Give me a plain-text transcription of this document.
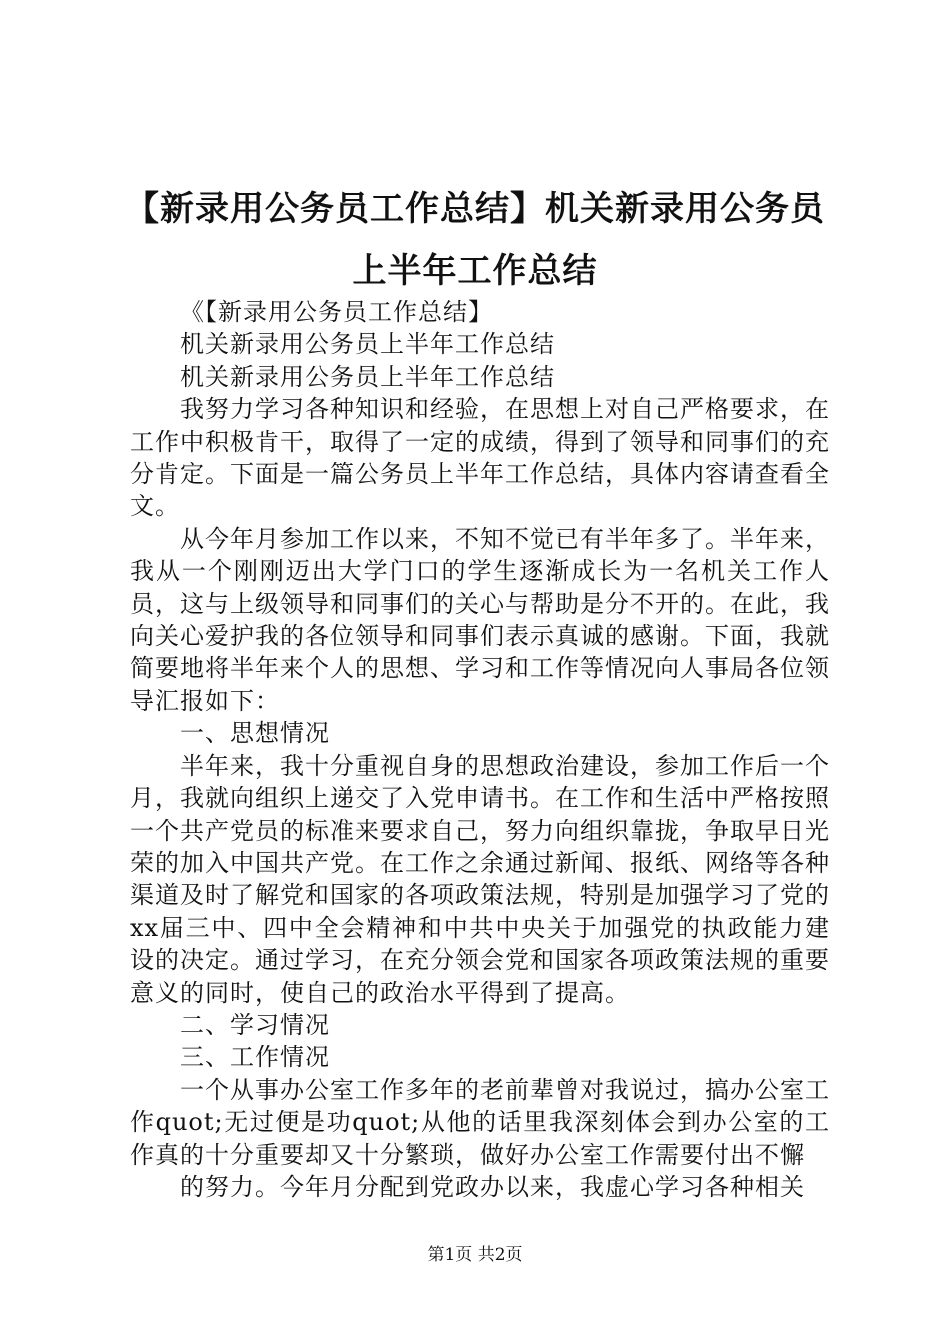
【新录用公务员工作总结】机关新录用公务员
上半年工作总结

《【新录用公务员工作总结】

机关新录用公务员上半年工作总结

机关新录用公务员上半年工作总结

我努力学习各种知识和经验，在思想上对自己严格要求，在工作中积极肯干，取得了一定的成绩，得到了领导和同事们的充分肯定。下面是一篇公务员上半年工作总结，具体内容请查看全文。

从今年月参加工作以来，不知不觉已有半年多了。半年来，我从一个刚刚迈出大学门口的学生逐渐成长为一名机关工作人员，这与上级领导和同事们的关心与帮助是分不开的。在此，我向关心爱护我的各位领导和同事们表示真诚的感谢。下面，我就简要地将半年来个人的思想、学习和工作等情况向人事局各位领导汇报如下：

一、思想情况

半年来，我十分重视自身的思想政治建设，参加工作后一个月，我就向组织上递交了入党申请书。在工作和生活中严格按照一个共产党员的标准来要求自己，努力向组织靠拢，争取早日光荣的加入中国共产党。在工作之余通过新闻、报纸、网络等各种渠道及时了解党和国家的各项政策法规，特别是加强学习了党的xx届三中、四中全会精神和中共中央关于加强党的执政能力建设的决定。通过学习，在充分领会党和国家各项政策法规的重要意义的同时，使自己的政治水平得到了提高。

二、学习情况

三、工作情况

一个从事办公室工作多年的老前辈曾对我说过，搞办公室工作quot;无过便是功quot;从他的话里我深刻体会到办公室的工作真的十分重要却又十分繁琐，做好办公室工作需要付出不懈

的努力。今年月分配到党政办以来，我虚心学习各种相关

第1页 共2页
